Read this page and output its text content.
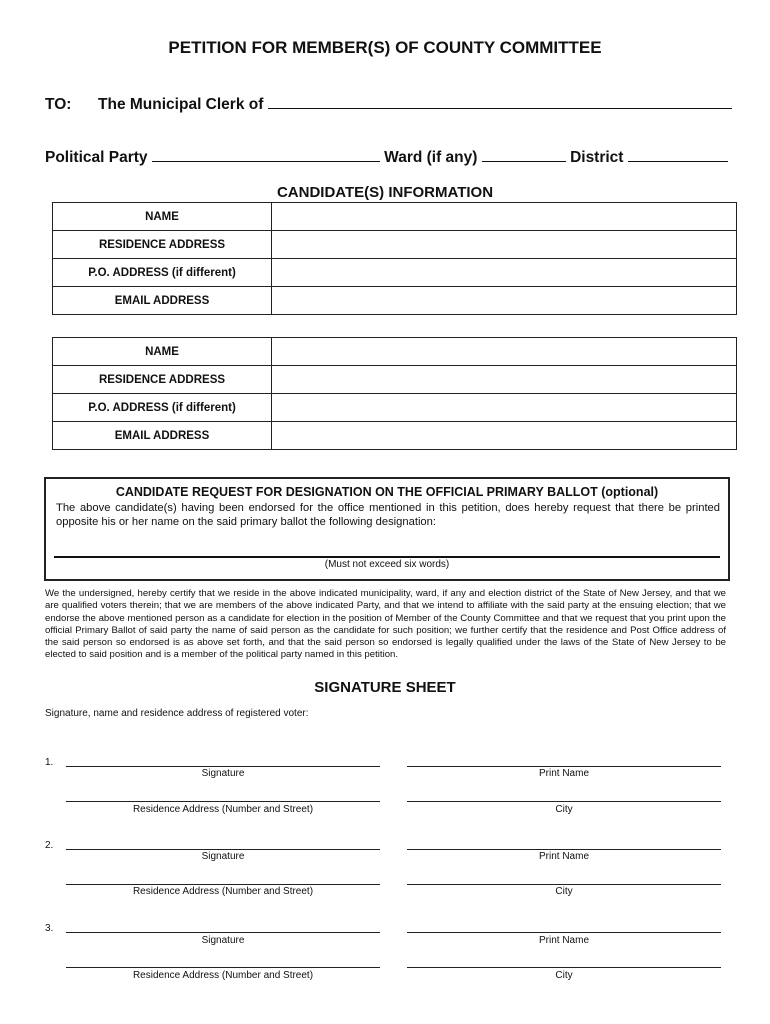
PETITION FOR MEMBER(S) OF COUNTY COMMITTEE
TO: The Municipal Clerk of
Political Party	Ward (if any)	District
CANDIDATE(S) INFORMATION
NAME	
RESIDENCE ADDRESS	
P.O. ADDRESS (if different)	
EMAIL ADDRESS	
NAME	
RESIDENCE ADDRESS	
P.O. ADDRESS (if different)	
EMAIL ADDRESS	
CANDIDATE REQUEST FOR DESIGNATION ON THE OFFICIAL PRIMARY BALLOT (optional)
The above candidate(s) having been endorsed for the office mentioned in this petition, does hereby request that there be printed opposite his or her name on the said primary ballot the following designation:
(Must not exceed six words)
We the undersigned, hereby certify that we reside in the above indicated municipality, ward, if any and election district of the State of New Jersey, and that we are qualified voters therein; that we are members of the above indicated Party, and that we intend to affiliate with the said party at the ensuing election; that we endorse the above mentioned person as a candidate for election in the position of Member of the County Committee and that we request that you print upon the official Primary Ballot of said party the name of said person as the candidate for such position; we further certify that the residence and Post Office address of the said person so endorsed is as above set forth, and that the said person so endorsed is legally qualified under the laws of the State of New Jersey to be elected to said position and is a member of the political party named in this petition.
SIGNATURE SHEET
Signature, name and residence address of registered voter:
1.
Signature	Print Name
Residence Address (Number and Street)	City
2.
Signature	Print Name
Residence Address (Number and Street)	City
3.
Signature	Print Name
Residence Address (Number and Street)	City
